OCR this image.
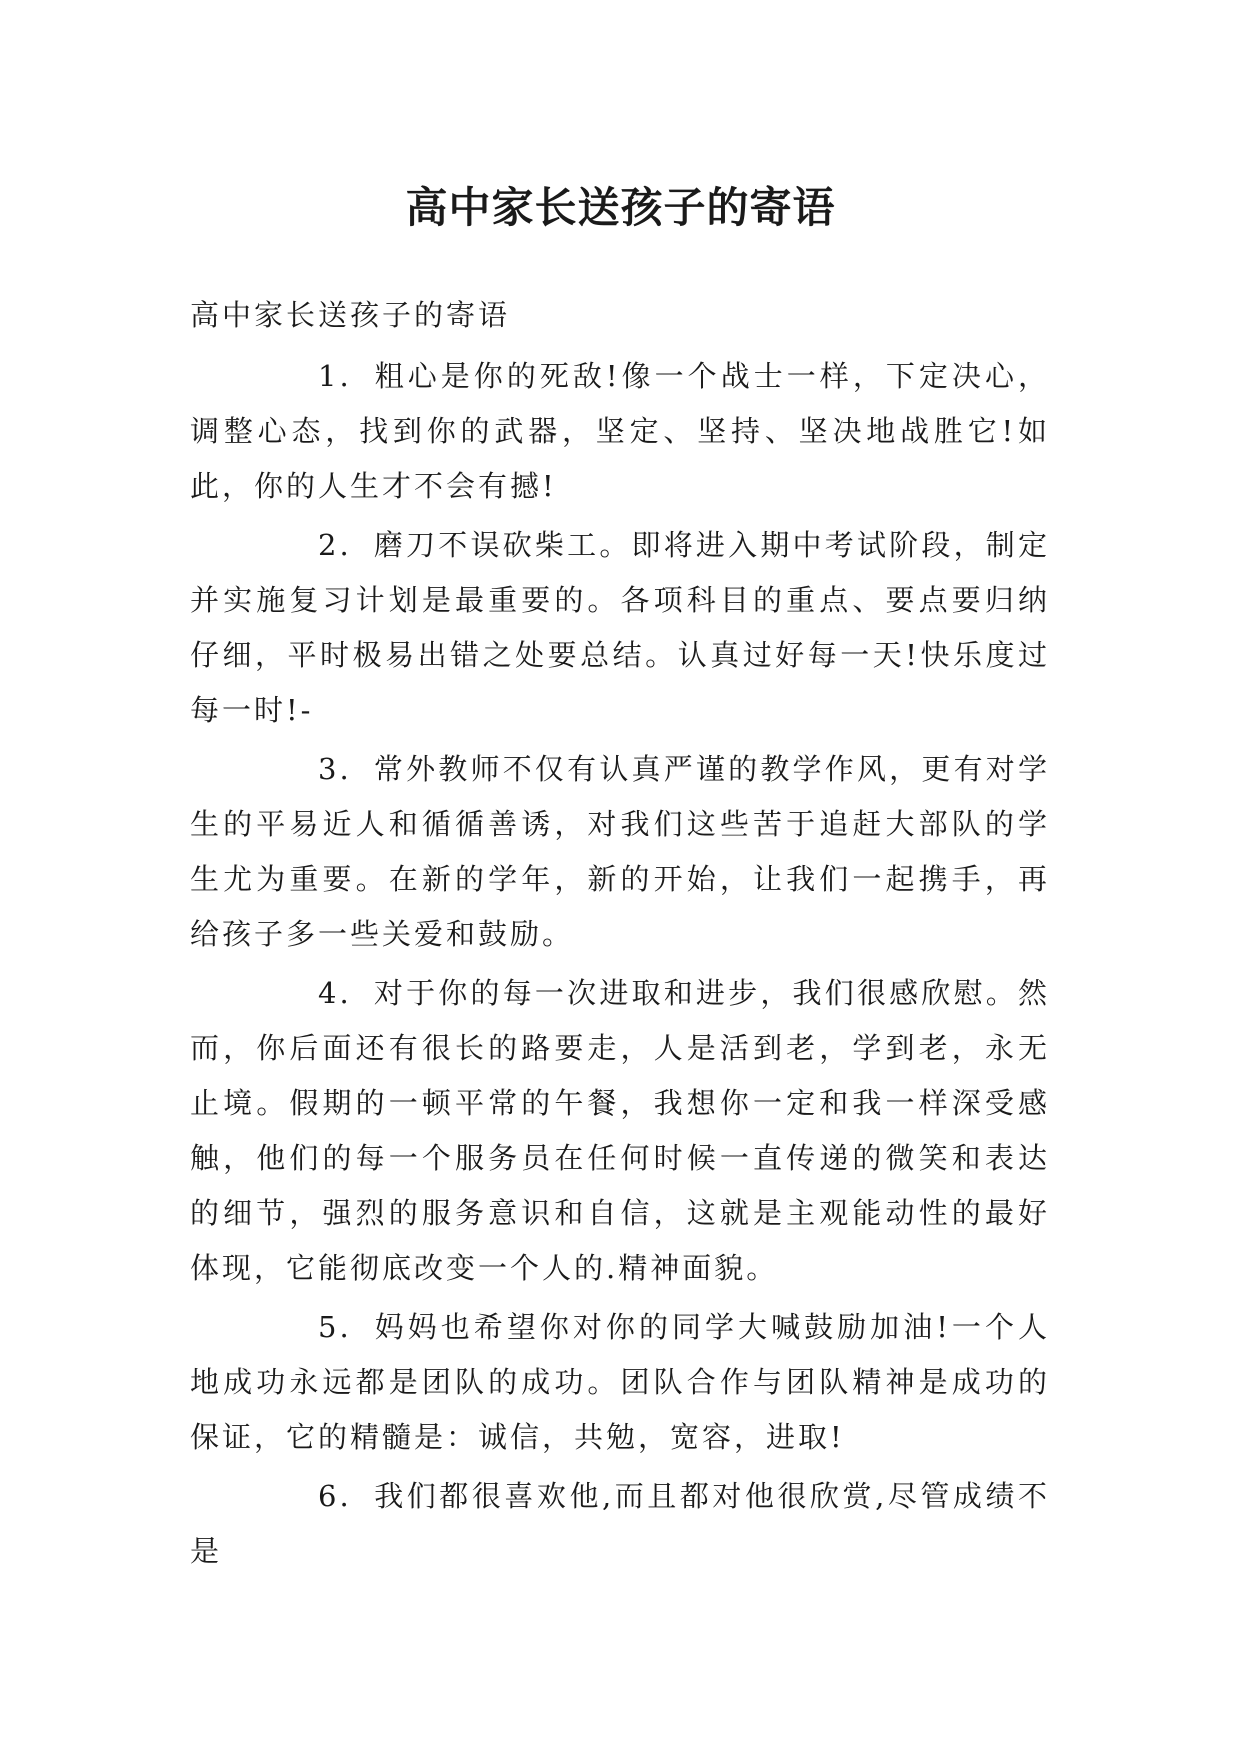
高中家长送孩子的寄语

高中家长送孩子的寄语

1. 粗心是你的死敌!像一个战士一样，下定决心，调整心态，找到你的武器，坚定、坚持、坚决地战胜它!如此，你的人生才不会有撼!

2. 磨刀不误砍柴工。即将进入期中考试阶段，制定并实施复习计划是最重要的。各项科目的重点、要点要归纳仔细，平时极易出错之处要总结。认真过好每一天!快乐度过每一时!-

3. 常外教师不仅有认真严谨的教学作风，更有对学生的平易近人和循循善诱，对我们这些苦于追赶大部队的学生尤为重要。在新的学年，新的开始，让我们一起携手，再给孩子多一些关爱和鼓励。

4. 对于你的每一次进取和进步，我们很感欣慰。然而，你后面还有很长的路要走，人是活到老，学到老，永无止境。假期的一顿平常的午餐，我想你一定和我一样深受感触，他们的每一个服务员在任何时候一直传递的微笑和表达的细节，强烈的服务意识和自信，这就是主观能动性的最好体现，它能彻底改变一个人的.精神面貌。

5. 妈妈也希望你对你的同学大喊鼓励加油!一个人地成功永远都是团队的成功。团队合作与团队精神是成功的保证，它的精髓是：诚信，共勉，宽容，进取!

6. 我们都很喜欢他,而且都对他很欣赏,尽管成绩不是
